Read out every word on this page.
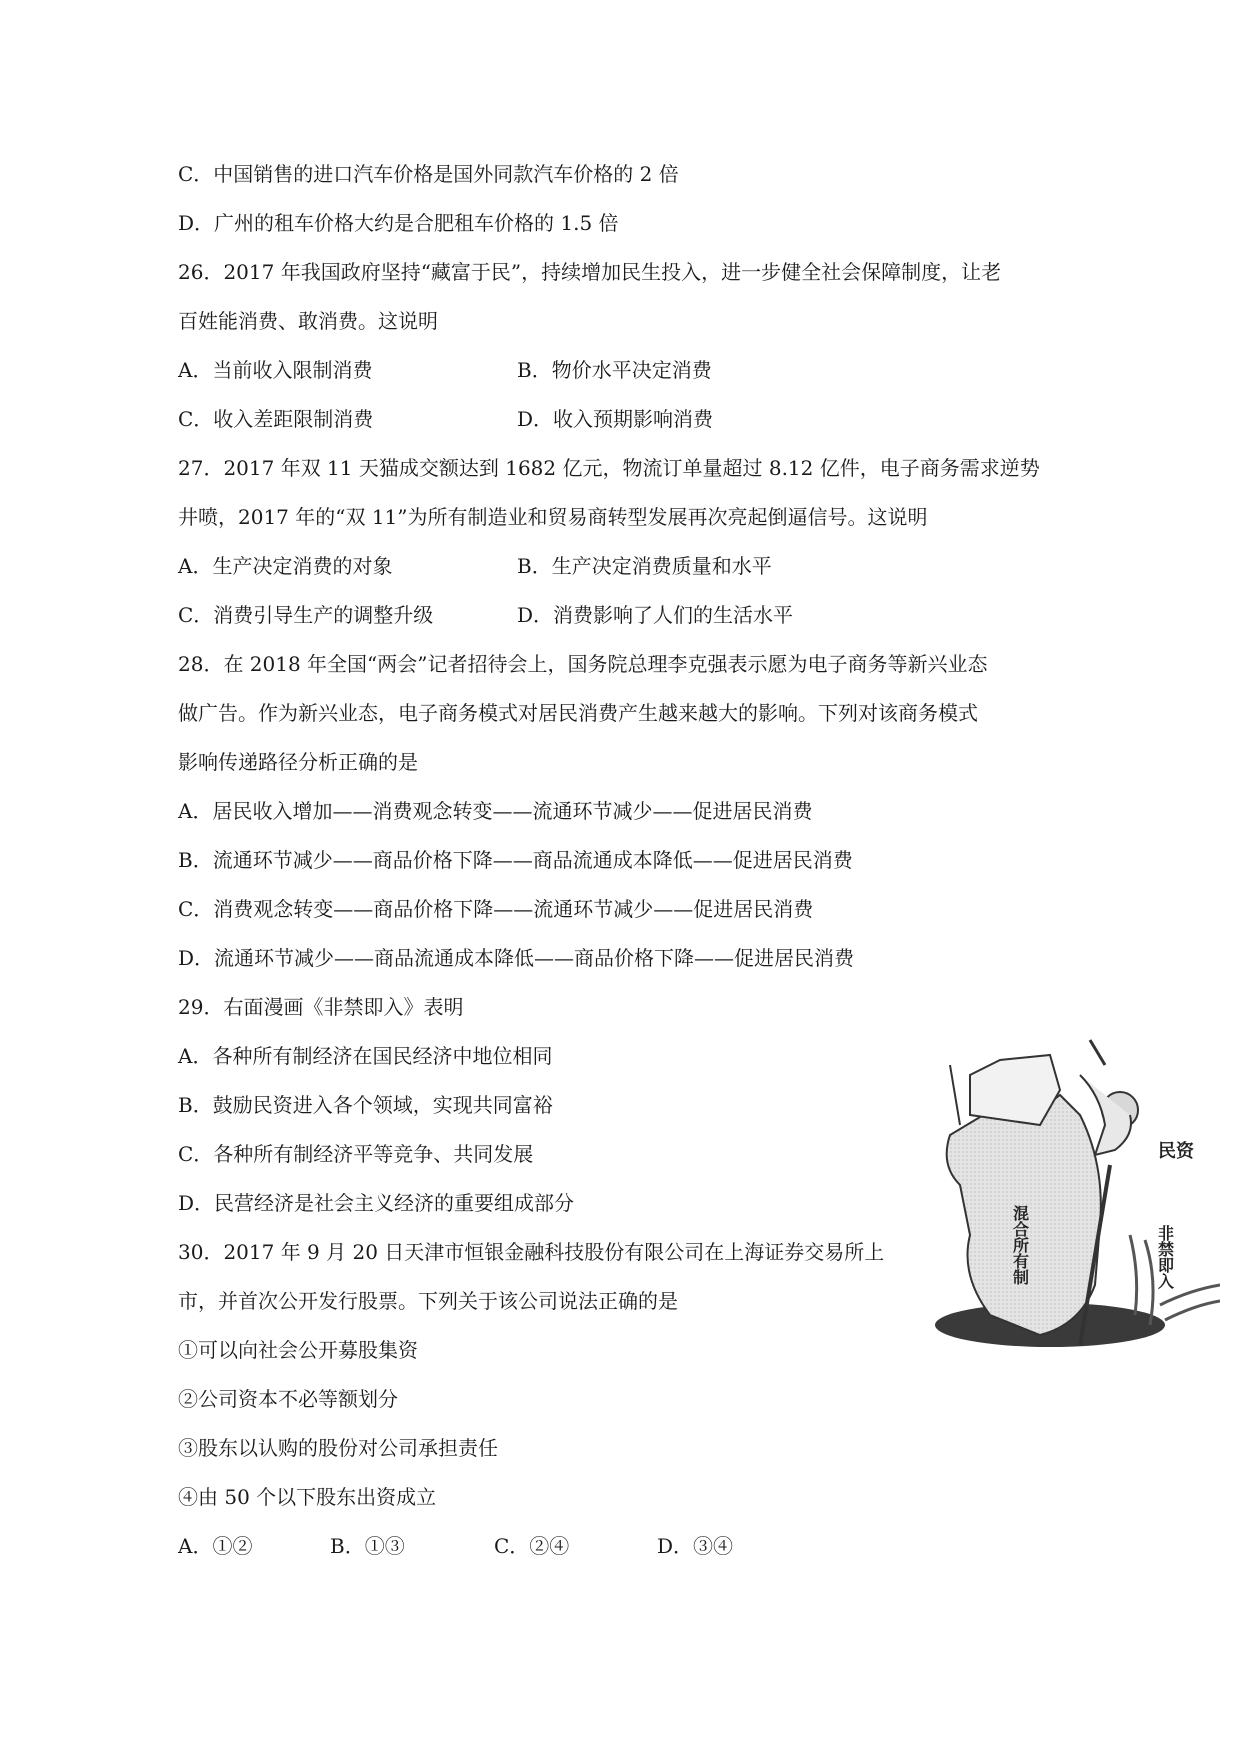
C．中国销售的进口汽车价格是国外同款汽车价格的 2 倍
D．广州的租车价格大约是合肥租车价格的 1.5 倍
26．2017 年我国政府坚持“藏富于民”，持续增加民生投入，进一步健全社会保障制度，让老
百姓能消费、敢消费。这说明
A．当前收入限制消费	B．物价水平决定消费
C．收入差距限制消费	D．收入预期影响消费
27．2017 年双 11 天猫成交额达到 1682 亿元，物流订单量超过 8.12 亿件，电子商务需求逆势
井喷，2017 年的“双 11”为所有制造业和贸易商转型发展再次亮起倒逼信号。这说明
A．生产决定消费的对象	B．生产决定消费质量和水平
C．消费引导生产的调整升级	D．消费影响了人们的生活水平
28．在 2018 年全国“两会”记者招待会上，国务院总理李克强表示愿为电子商务等新兴业态
做广告。作为新兴业态，电子商务模式对居民消费产生越来越大的影响。下列对该商务模式
影响传递路径分析正确的是
A．居民收入增加——消费观念转变——流通环节减少——促进居民消费
B．流通环节减少——商品价格下降——商品流通成本降低——促进居民消费
C．消费观念转变——商品价格下降——流通环节减少——促进居民消费
D．流通环节减少——商品流通成本降低——商品价格下降——促进居民消费
29．右面漫画《非禁即入》表明
A．各种所有制经济在国民经济中地位相同
B．鼓励民资进入各个领域，实现共同富裕
C．各种所有制经济平等竞争、共同发展
D．民营经济是社会主义经济的重要组成部分
民资
混合所有制	非禁即入
30．2017 年 9 月 20 日天津市恒银金融科技股份有限公司在上海证券交易所上
市，并首次公开发行股票。下列关于该公司说法正确的是
①可以向社会公开募股集资
②公司资本不必等额划分
③股东以认购的股份对公司承担责任
④由 50 个以下股东出资成立
A．①②	B．①③	C．②④	D．③④
